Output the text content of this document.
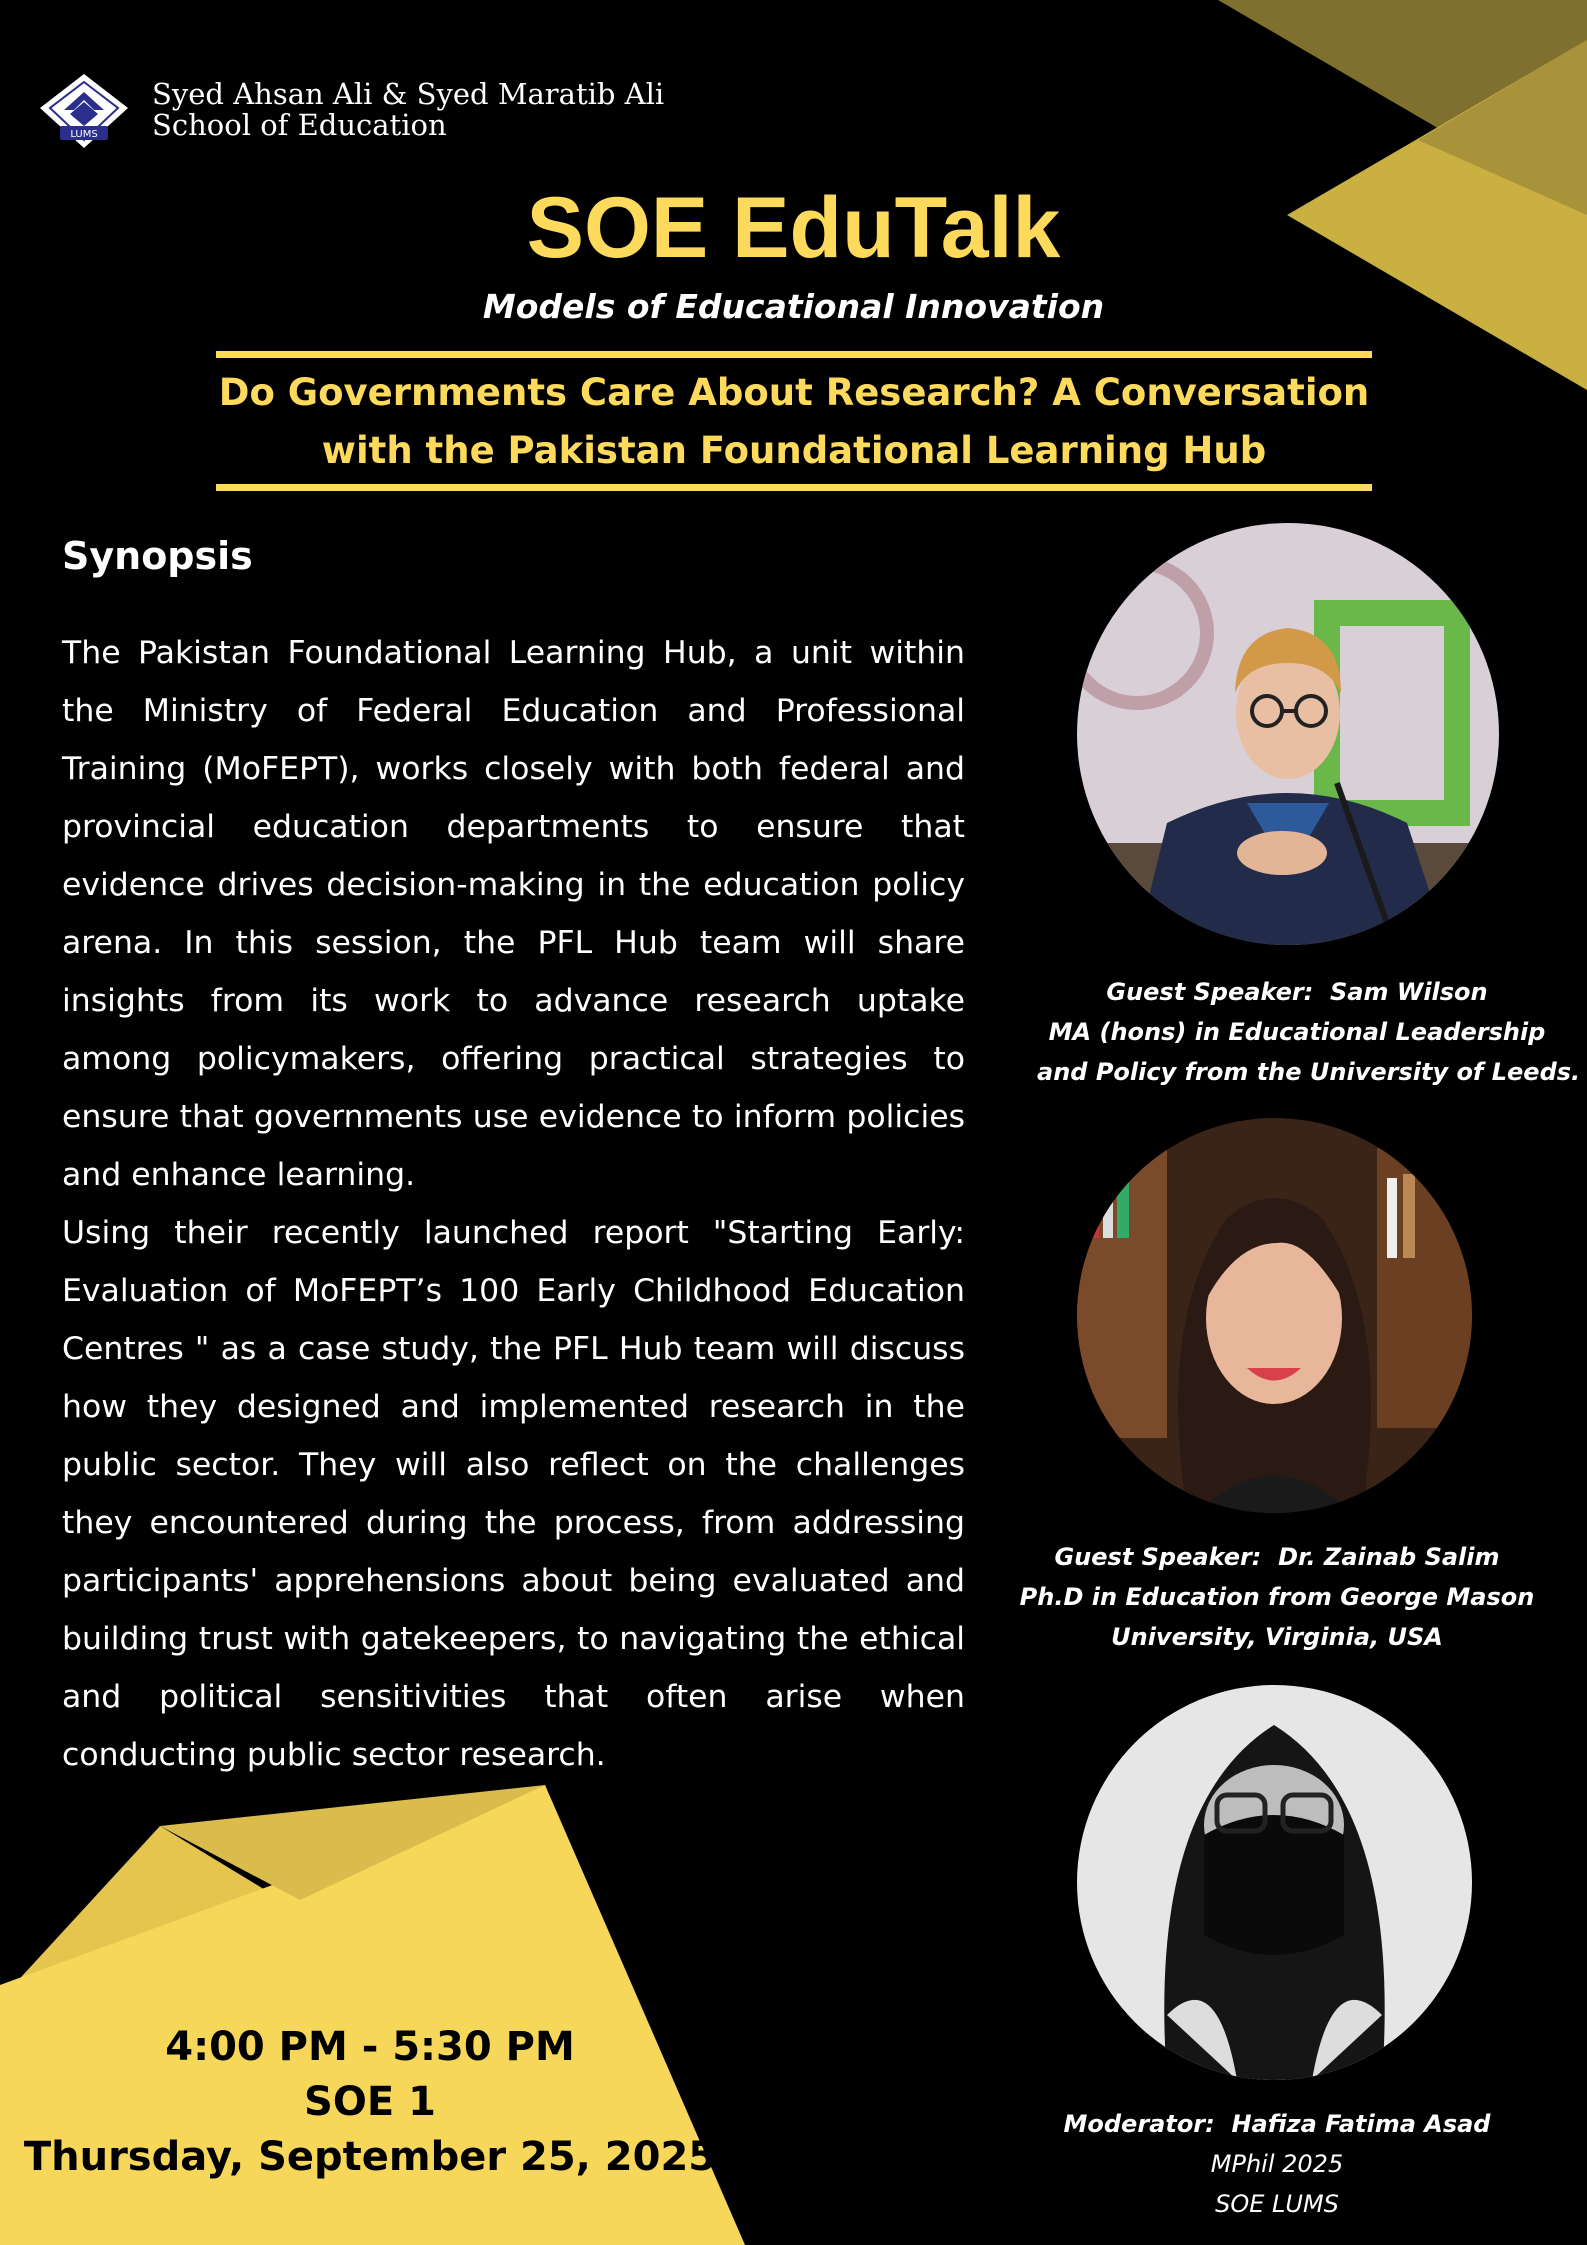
LUMS
Syed Ahsan Ali & Syed Maratib Ali
School of Education
SOE EduTalk
Models of Educational Innovation
Do Governments Care About Research? A Conversation with the Pakistan Foundational Learning Hub
Synopsis

The Pakistan Foundational Learning Hub, a unit within the Ministry of Federal Education and Professional Training (MoFEPT), works closely with both federal and provincial education departments to ensure that evidence drives decision-making in the education policy arena. In this session, the PFL Hub team will share insights from its work to advance research uptake among policymakers, offering practical strategies to ensure that governments use evidence to inform policies and enhance learning.

Using their recently launched report "Starting Early: Evaluation of MoFEPT’s 100 Early Childhood Education Centres " as a case study, the PFL Hub team will discuss how they designed and implemented research in the public sector. They will also reflect on the challenges they encountered during the process, from addressing participants' apprehensions about being evaluated and building trust with gatekeepers, to navigating the ethical and political sensitivities that often arise when conducting public sector research.

Guest Speaker: Sam Wilson
MA (hons) in Educational Leadership
and Policy from the University of Leeds.
Guest Speaker: Dr. Zainab Salim
Ph.D in Education from George Mason
University, Virginia, USA
Moderator: Hafiza Fatima Asad
MPhil 2025
SOE LUMS
4:00 PM - 5:30 PM
SOE 1
Thursday, September 25, 2025
